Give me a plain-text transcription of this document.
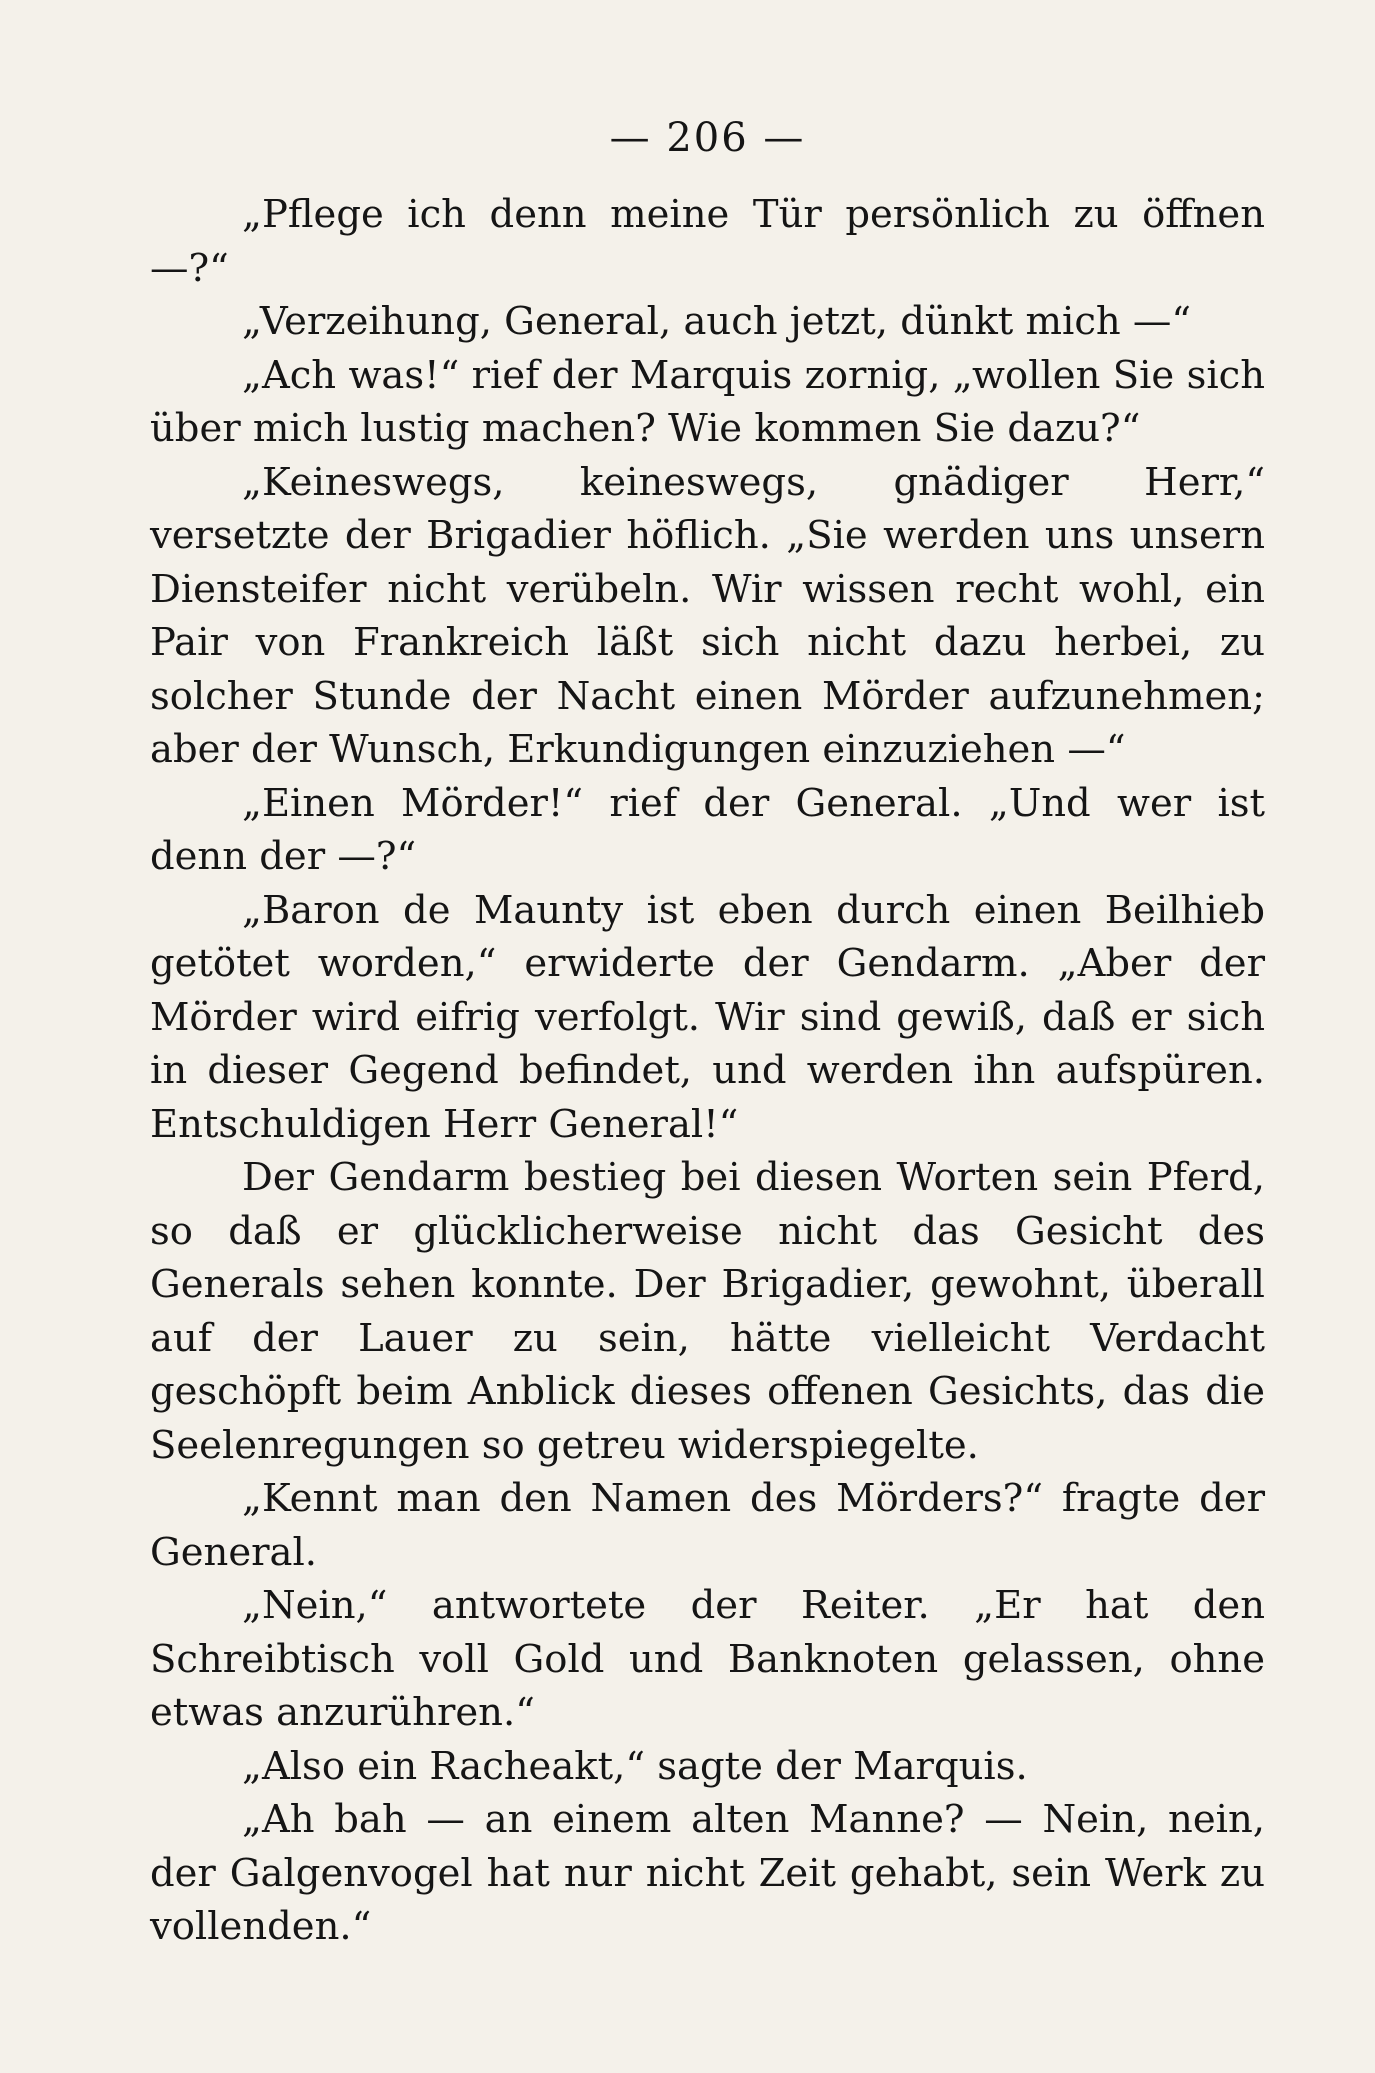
— 206 —

„Pflege ich denn meine Tür persönlich zu öffnen —?“

„Verzeihung, General, auch jetzt, dünkt mich —“

„Ach was!“ rief der Marquis zornig, „wollen Sie sich über mich lustig machen? Wie kommen Sie dazu?“

„Keineswegs, keineswegs, gnädiger Herr,“ versetzte der Brigadier höflich. „Sie werden uns unsern Diensteifer nicht verübeln. Wir wissen recht wohl, ein Pair von Frankreich läßt sich nicht dazu herbei, zu solcher Stunde der Nacht einen Mörder aufzunehmen; aber der Wunsch, Erkundigungen einzuziehen —“

„Einen Mörder!“ rief der General. „Und wer ist denn der —?“

„Baron de Maunty ist eben durch einen Beilhieb getötet worden,“ erwiderte der Gendarm. „Aber der Mörder wird eifrig verfolgt. Wir sind gewiß, daß er sich in dieser Gegend befindet, und werden ihn aufspüren. Entschuldigen Herr General!“

Der Gendarm bestieg bei diesen Worten sein Pferd, so daß er glücklicherweise nicht das Gesicht des Generals sehen konnte. Der Brigadier, gewohnt, überall auf der Lauer zu sein, hätte vielleicht Verdacht geschöpft beim Anblick dieses offenen Gesichts, das die Seelenregungen so getreu widerspiegelte.

„Kennt man den Namen des Mörders?“ fragte der General.

„Nein,“ antwortete der Reiter. „Er hat den Schreibtisch voll Gold und Banknoten gelassen, ohne etwas anzurühren.“

„Also ein Racheakt,“ sagte der Marquis.

„Ah bah — an einem alten Manne? — Nein, nein, der Galgenvogel hat nur nicht Zeit gehabt, sein Werk zu vollenden.“
